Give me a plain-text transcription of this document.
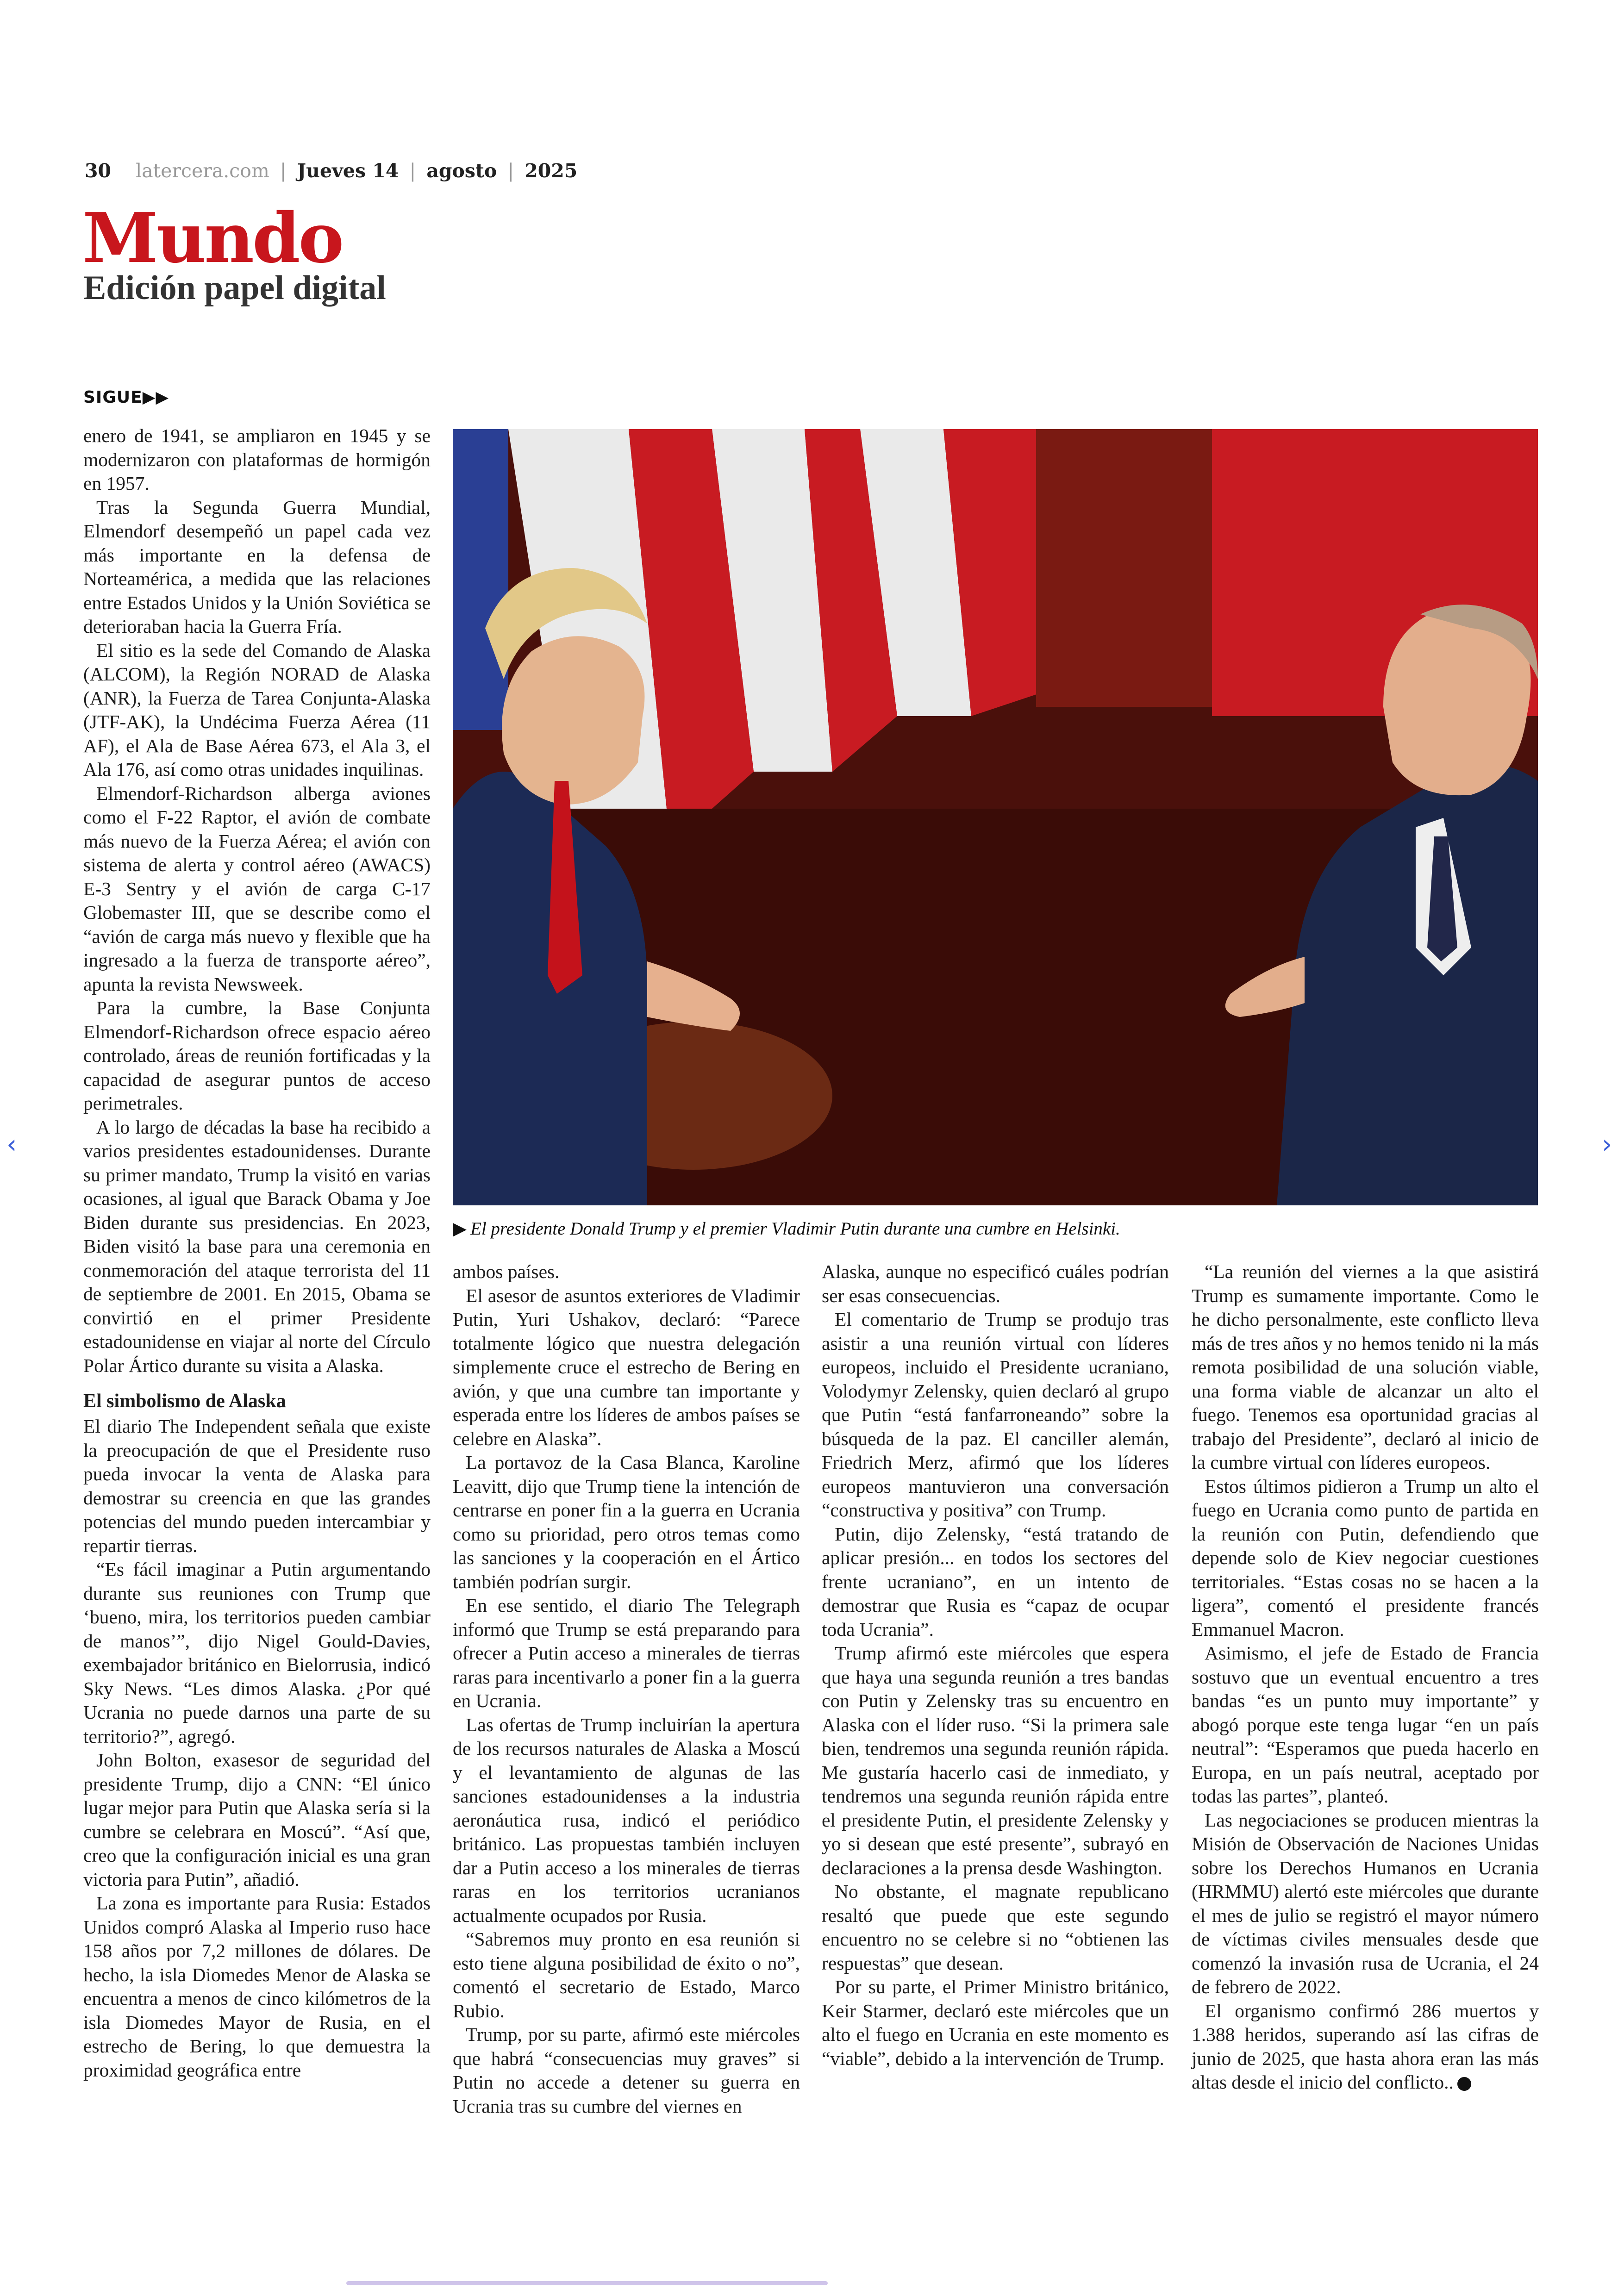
30 latercera.com | Jueves 14 | agosto | 2025
Mundo
Edición papel digital
SIGUE▶▶

enero de 1941, se ampliaron en 1945 y se modernizaron con plataformas de hormigón en 1957.

Tras la Segunda Guerra Mundial, Elmendorf desempeñó un papel cada vez más importante en la defensa de Norteamérica, a medida que las relaciones entre Estados Unidos y la Unión Soviética se deterioraban hacia la Guerra Fría.

El sitio es la sede del Comando de Alaska (ALCOM), la Región NORAD de Alaska (ANR), la Fuerza de Tarea Conjunta-Alaska (JTF-AK), la Undécima Fuerza Aérea (11 AF), el Ala de Base Aérea 673, el Ala 3, el Ala 176, así como otras unidades inquilinas.

Elmendorf-Richardson alberga aviones como el F-22 Raptor, el avión de combate más nuevo de la Fuerza Aérea; el avión con sistema de alerta y control aéreo (AWACS) E-3 Sentry y el avión de carga C-17 Globemaster III, que se describe como el “avión de carga más nuevo y flexible que ha ingresado a la fuerza de transporte aéreo”, apunta la revista Newsweek.

Para la cumbre, la Base Conjunta Elmendorf-Richardson ofrece espacio aéreo controlado, áreas de reunión fortificadas y la capacidad de asegurar puntos de acceso perimetrales.

A lo largo de décadas la base ha recibido a varios presidentes estadounidenses. Durante su primer mandato, Trump la visitó en varias ocasiones, al igual que Barack Obama y Joe Biden durante sus presidencias. En 2023, Biden visitó la base para una ceremonia en conmemoración del ataque terrorista del 11 de septiembre de 2001. En 2015, Obama se convirtió en el primer Presidente estadounidense en viajar al norte del Círculo Polar Ártico durante su visita a Alaska.

El simbolismo de Alaska

El diario The Independent señala que existe la preocupación de que el Presidente ruso pueda invocar la venta de Alaska para demostrar su creencia en que las grandes potencias del mundo pueden intercambiar y repartir tierras.

“Es fácil imaginar a Putin argumentando durante sus reuniones con Trump que ‘bueno, mira, los territorios pueden cambiar de manos’”, dijo Nigel Gould-Davies, exembajador británico en Bielorrusia, indicó Sky News. “Les dimos Alaska. ¿Por qué Ucrania no puede darnos una parte de su territorio?”, agregó.

John Bolton, exasesor de seguridad del presidente Trump, dijo a CNN: “El único lugar mejor para Putin que Alaska sería si la cumbre se celebrara en Moscú”. “Así que, creo que la configuración inicial es una gran victoria para Putin”, añadió.

La zona es importante para Rusia: Estados Unidos compró Alaska al Imperio ruso hace 158 años por 7,2 millones de dólares. De hecho, la isla Diomedes Menor de Alaska se encuentra a menos de cinco kilómetros de la isla Diomedes Mayor de Rusia, en el estrecho de Bering, lo que demuestra la proximidad geográfica entre

▶ El presidente Donald Trump y el premier Vladimir Putin durante una cumbre en Helsinki.

ambos países.

El asesor de asuntos exteriores de Vladimir Putin, Yuri Ushakov, declaró: “Parece totalmente lógico que nuestra delegación simplemente cruce el estrecho de Bering en avión, y que una cumbre tan importante y esperada entre los líderes de ambos países se celebre en Alaska”.

La portavoz de la Casa Blanca, Karoline Leavitt, dijo que Trump tiene la intención de centrarse en poner fin a la guerra en Ucrania como su prioridad, pero otros temas como las sanciones y la cooperación en el Ártico también podrían surgir.

En ese sentido, el diario The Telegraph informó que Trump se está preparando para ofrecer a Putin acceso a minerales de tierras raras para incentivarlo a poner fin a la guerra en Ucrania.

Las ofertas de Trump incluirían la apertura de los recursos naturales de Alaska a Moscú y el levantamiento de algunas de las sanciones estadounidenses a la industria aeronáutica rusa, indicó el periódico británico. Las propuestas también incluyen dar a Putin acceso a los minerales de tierras raras en los territorios ucranianos actualmente ocupados por Rusia.

“Sabremos muy pronto en esa reunión si esto tiene alguna posibilidad de éxito o no”, comentó el secretario de Estado, Marco Rubio.

Trump, por su parte, afirmó este miércoles que habrá “consecuencias muy graves” si Putin no accede a detener su guerra en Ucrania tras su cumbre del viernes en

Alaska, aunque no especificó cuáles podrían ser esas consecuencias.

El comentario de Trump se produjo tras asistir a una reunión virtual con líderes europeos, incluido el Presidente ucraniano, Volodymyr Zelensky, quien declaró al grupo que Putin “está fanfarroneando” sobre la búsqueda de la paz. El canciller alemán, Friedrich Merz, afirmó que los líderes europeos mantuvieron una conversación “constructiva y positiva” con Trump.

Putin, dijo Zelensky, “está tratando de aplicar presión... en todos los sectores del frente ucraniano”, en un intento de demostrar que Rusia es “capaz de ocupar toda Ucrania”.

Trump afirmó este miércoles que espera que haya una segunda reunión a tres bandas con Putin y Zelensky tras su encuentro en Alaska con el líder ruso. “Si la primera sale bien, tendremos una segunda reunión rápida. Me gustaría hacerlo casi de inmediato, y tendremos una segunda reunión rápida entre el presidente Putin, el presidente Zelensky y yo si desean que esté presente”, subrayó en declaraciones a la prensa desde Washington.

No obstante, el magnate republicano resaltó que puede que este segundo encuentro no se celebre si no “obtienen las respuestas” que desean.

Por su parte, el Primer Ministro británico, Keir Starmer, declaró este miércoles que un alto el fuego en Ucrania en este momento es “viable”, debido a la intervención de Trump.

“La reunión del viernes a la que asistirá Trump es sumamente importante. Como le he dicho personalmente, este conflicto lleva más de tres años y no hemos tenido ni la más remota posibilidad de una solución viable, una forma viable de alcanzar un alto el fuego. Tenemos esa oportunidad gracias al trabajo del Presidente”, declaró al inicio de la cumbre virtual con líderes europeos.

Estos últimos pidieron a Trump un alto el fuego en Ucrania como punto de partida en la reunión con Putin, defendiendo que depende solo de Kiev negociar cuestiones territoriales. “Estas cosas no se hacen a la ligera”, comentó el presidente francés Emmanuel Macron.

Asimismo, el jefe de Estado de Francia sostuvo que un eventual encuentro a tres bandas “es un punto muy importante” y abogó porque este tenga lugar “en un país neutral”: “Esperamos que pueda hacerlo en Europa, en un país neutral, aceptado por todas las partes”, planteó.

Las negociaciones se producen mientras la Misión de Observación de Naciones Unidas sobre los Derechos Humanos en Ucrania (HRMMU) alertó este miércoles que durante el mes de julio se registró el mayor número de víctimas civiles mensuales desde que comenzó la invasión rusa de Ucrania, el 24 de febrero de 2022.

El organismo confirmó 286 muertos y 1.388 heridos, superando así las cifras de junio de 2025, que hasta ahora eran las más altas desde el inicio del conflicto..

‹	›
